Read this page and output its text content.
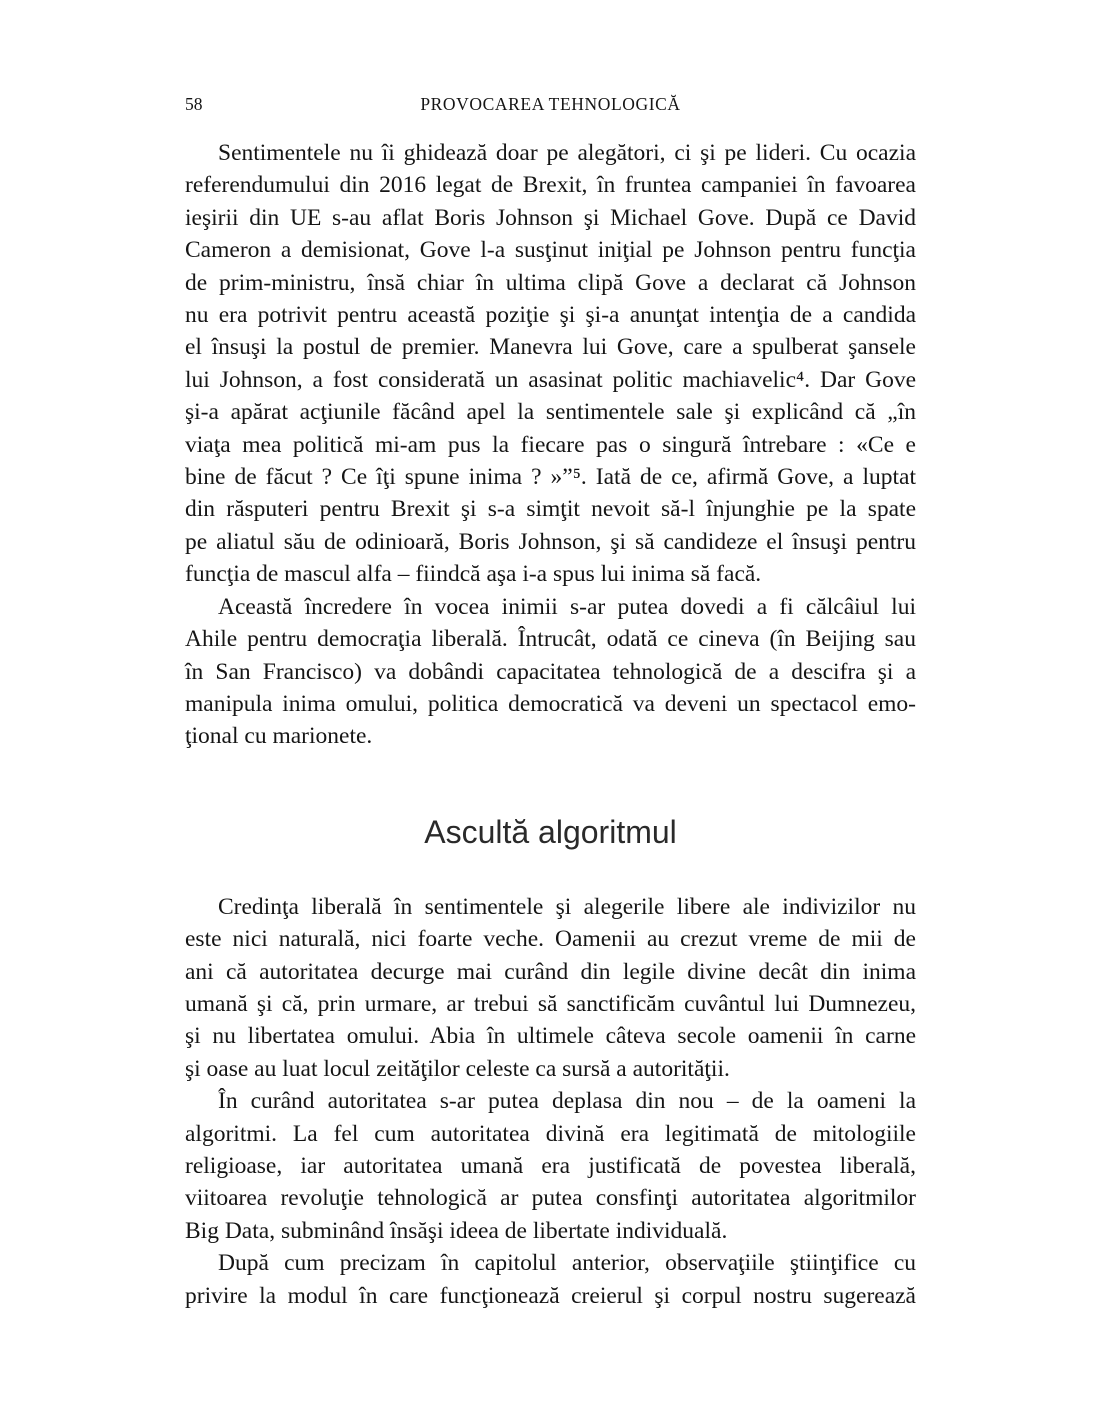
58	PROVOCAREA TEHNOLOGICĂ
Sentimentele nu îi ghidează doar pe alegători, ci şi pe lideri. Cu ocazia
referendumului din 2016 legat de Brexit, în fruntea campaniei în favoarea
ieşirii din UE s-au aflat Boris Johnson şi Michael Gove. După ce David
Cameron a demisionat, Gove l-a susţinut iniţial pe Johnson pentru funcţia
de prim-ministru, însă chiar în ultima clipă Gove a declarat că Johnson
nu era potrivit pentru această poziţie şi şi-a anunţat intenţia de a candida
el însuşi la postul de premier. Manevra lui Gove, care a spulberat şansele
lui Johnson, a fost considerată un asasinat politic machiavelic⁴. Dar Gove
şi-a apărat acţiunile făcând apel la sentimentele sale şi explicând că „în
viaţa mea politică mi-am pus la fiecare pas o singură întrebare : «Ce e
bine de făcut ? Ce îţi spune inima ? »”⁵. Iată de ce, afirmă Gove, a luptat
din răsputeri pentru Brexit şi s-a simţit nevoit să-l înjunghie pe la spate
pe aliatul său de odinioară, Boris Johnson, şi să candideze el însuşi pentru
funcţia de mascul alfa – fiindcă aşa i-a spus lui inima să facă.
Această încredere în vocea inimii s-ar putea dovedi a fi călcâiul lui
Ahile pentru democraţia liberală. Întrucât, odată ce cineva (în Beijing sau
în San Francisco) va dobândi capacitatea tehnologică de a descifra şi a
manipula inima omului, politica democratică va deveni un spectacol emo-
ţional cu marionete.
Ascultă algoritmul
Credinţa liberală în sentimentele şi alegerile libere ale indivizilor nu
este nici naturală, nici foarte veche. Oamenii au crezut vreme de mii de
ani că autoritatea decurge mai curând din legile divine decât din inima
umană şi că, prin urmare, ar trebui să sanctificăm cuvântul lui Dumnezeu,
şi nu libertatea omului. Abia în ultimele câteva secole oamenii în carne
şi oase au luat locul zeităţilor celeste ca sursă a autorităţii.
În curând autoritatea s-ar putea deplasa din nou – de la oameni la
algoritmi. La fel cum autoritatea divină era legitimată de mitologiile
religioase, iar autoritatea umană era justificată de povestea liberală,
viitoarea revoluţie tehnologică ar putea consfinţi autoritatea algoritmilor
Big Data, subminând însăşi ideea de libertate individuală.
După cum precizam în capitolul anterior, observaţiile ştiinţifice cu
privire la modul în care funcţionează creierul şi corpul nostru sugerează
